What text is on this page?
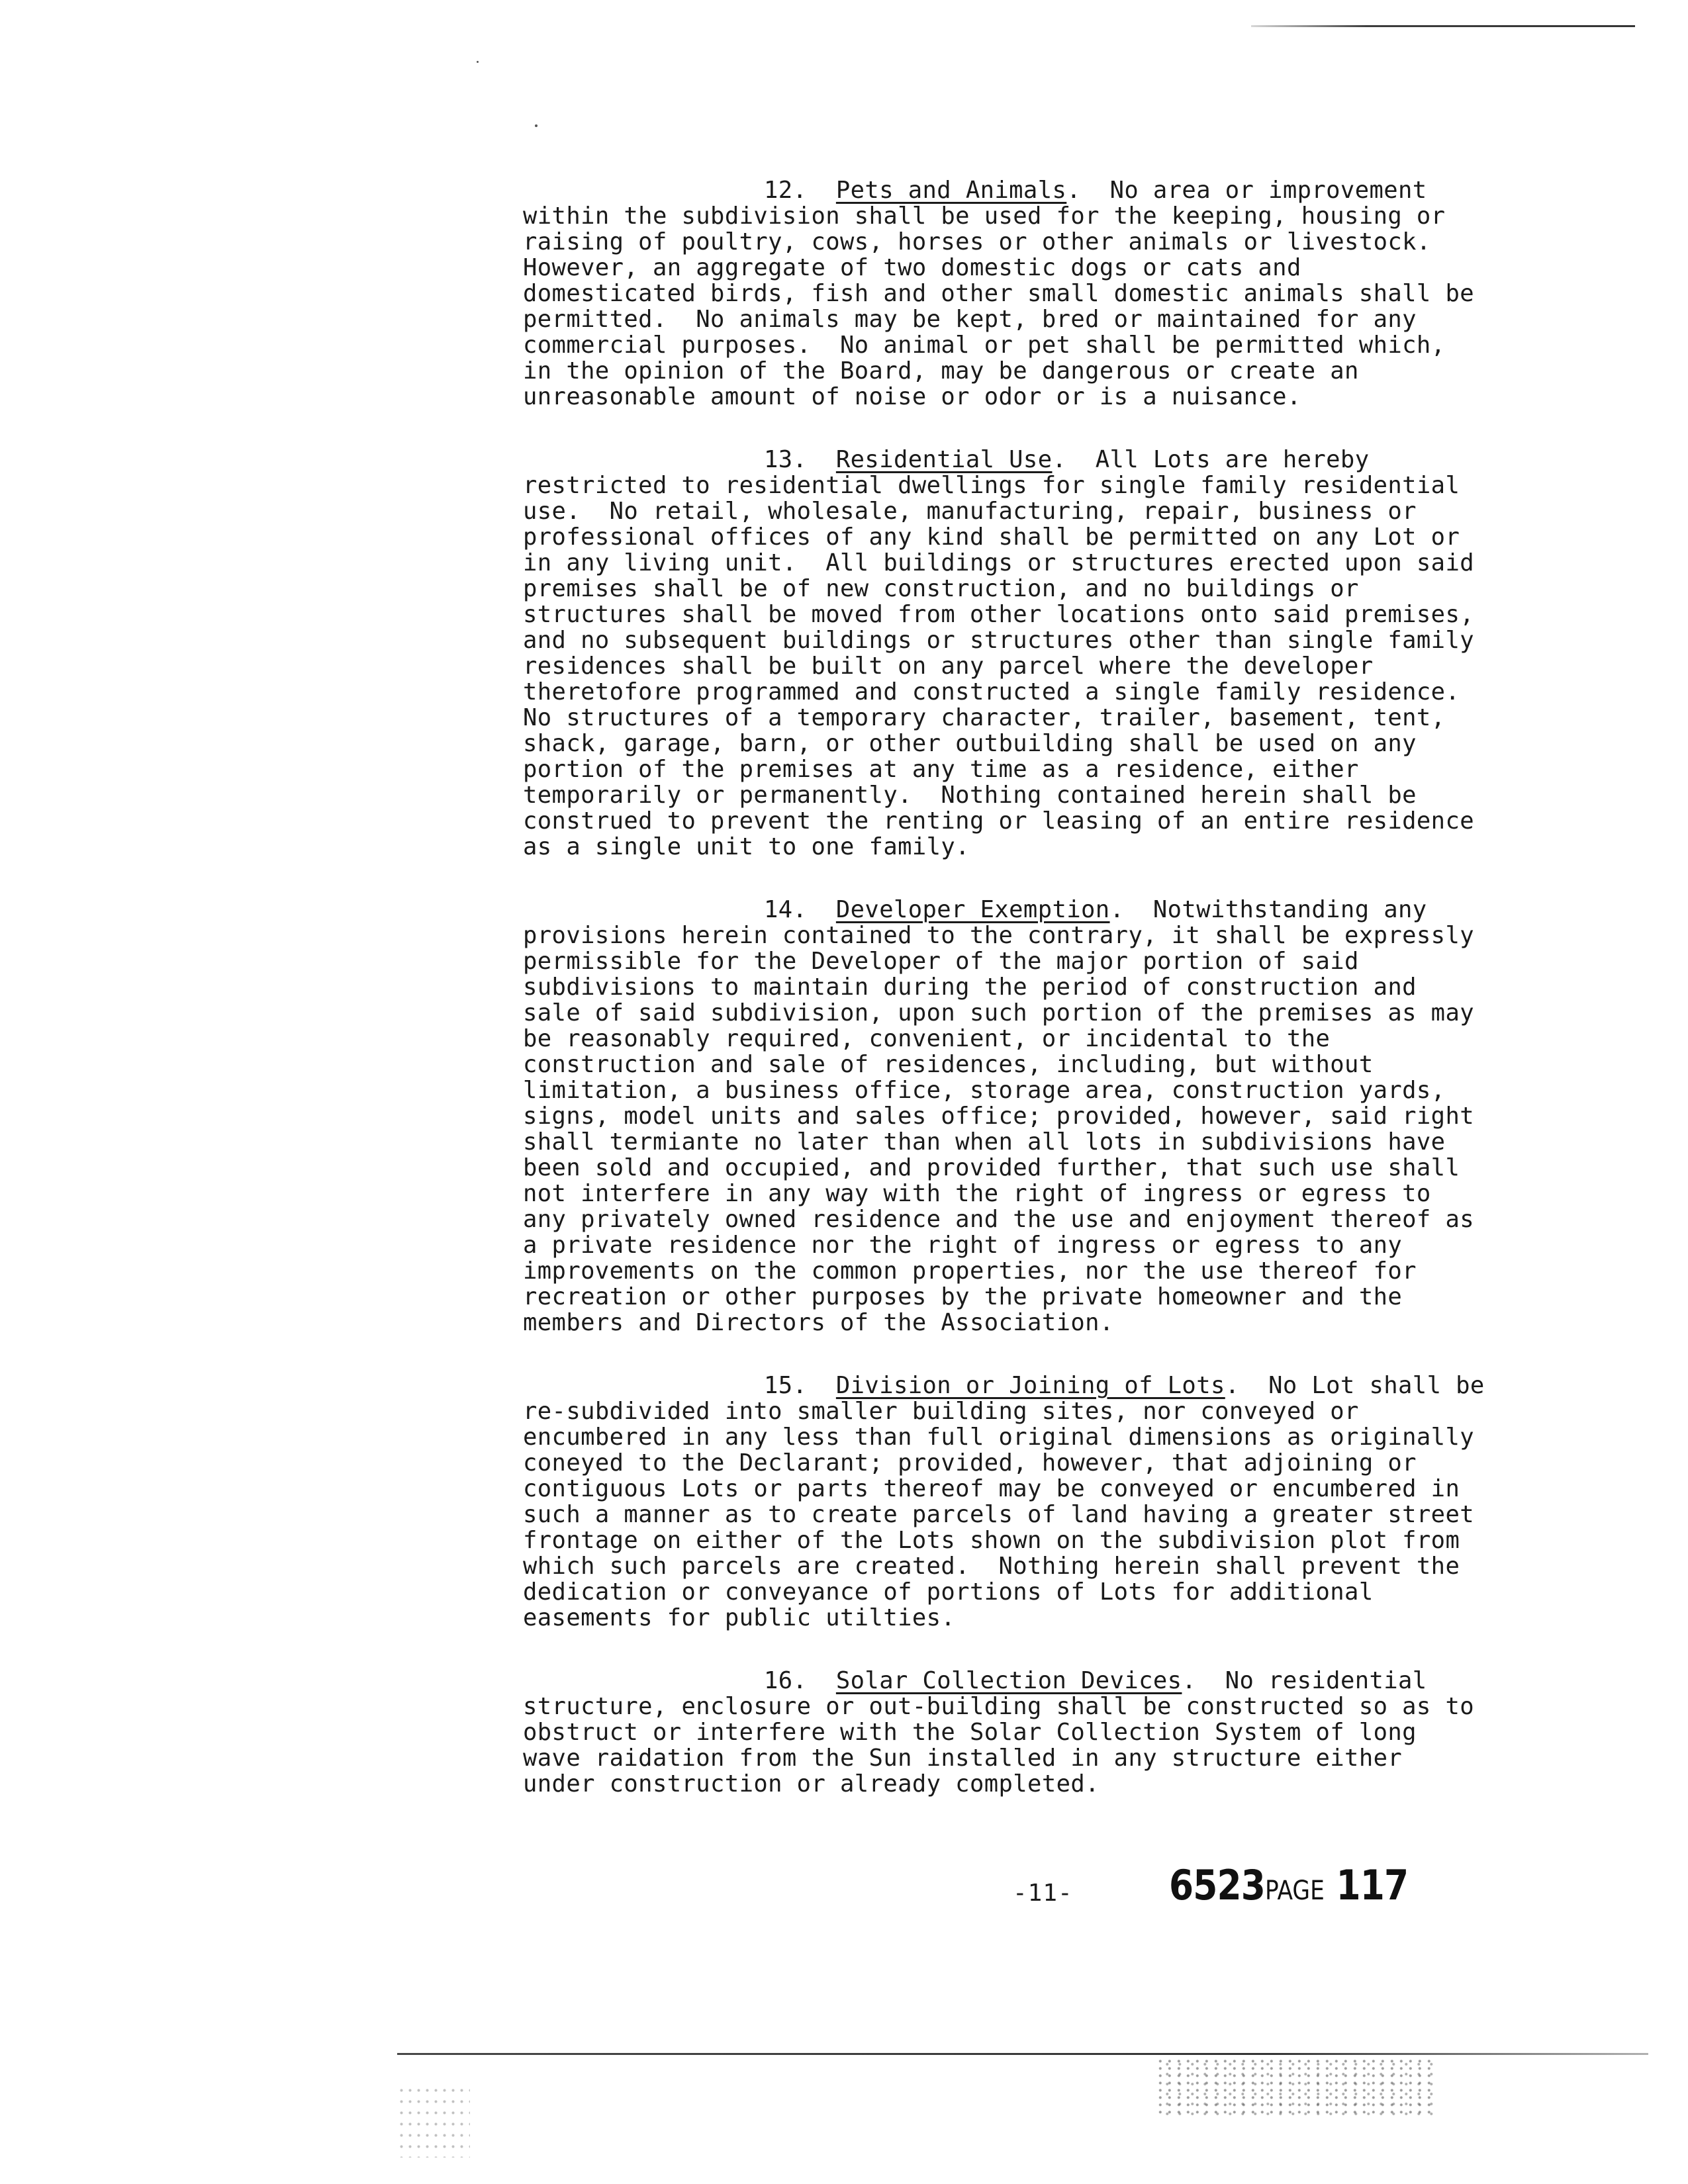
12. Pets and Animals.  No area or improvement

within the subdivision shall be used for the keeping, housing or

raising of poultry, cows, horses or other animals or livestock.

However, an aggregate of two domestic dogs or cats and

domesticated birds, fish and other small domestic animals shall be

permitted.  No animals may be kept, bred or maintained for any

commercial purposes.  No animal or pet shall be permitted which,

in the opinion of the Board, may be dangerous or create an

unreasonable amount of noise or odor or is a nuisance.

13. Residential Use.  All Lots are hereby

restricted to residential dwellings for single family residential

use.  No retail, wholesale, manufacturing, repair, business or

professional offices of any kind shall be permitted on any Lot or

in any living unit.  All buildings or structures erected upon said

premises shall be of new construction, and no buildings or

structures shall be moved from other locations onto said premises,

and no subsequent buildings or structures other than single family

residences shall be built on any parcel where the developer

theretofore programmed and constructed a single family residence.

No structures of a temporary character, trailer, basement, tent,

shack, garage, barn, or other outbuilding shall be used on any

portion of the premises at any time as a residence, either

temporarily or permanently.  Nothing contained herein shall be

construed to prevent the renting or leasing of an entire residence

as a single unit to one family.

14. Developer Exemption.  Notwithstanding any

provisions herein contained to the contrary, it shall be expressly

permissible for the Developer of the major portion of said

subdivisions to maintain during the period of construction and

sale of said subdivision, upon such portion of the premises as may

be reasonably required, convenient, or incidental to the

construction and sale of residences, including, but without

limitation, a business office, storage area, construction yards,

signs, model units and sales office; provided, however, said right

shall termiante no later than when all lots in subdivisions have

been sold and occupied, and provided further, that such use shall

not interfere in any way with the right of ingress or egress to

any privately owned residence and the use and enjoyment thereof as

a private residence nor the right of ingress or egress to any

improvements on the common properties, nor the use thereof for

recreation or other purposes by the private homeowner and the

members and Directors of the Association.

15. Division or Joining of Lots.  No Lot shall be

re-subdivided into smaller building sites, nor conveyed or

encumbered in any less than full original dimensions as originally

coneyed to the Declarant; provided, however, that adjoining or

contiguous Lots or parts thereof may be conveyed or encumbered in

such a manner as to create parcels of land having a greater street

frontage on either of the Lots shown on the subdivision plot from

which such parcels are created.  Nothing herein shall prevent the

dedication or conveyance of portions of Lots for additional

easements for public utilties.

16. Solar Collection Devices.  No residential

structure, enclosure or out-building shall be constructed so as to

obstruct or interfere with the Solar Collection System of long

wave raidation from the Sun installed in any structure either

under construction or already completed.

-11- 6523PAGE 117
